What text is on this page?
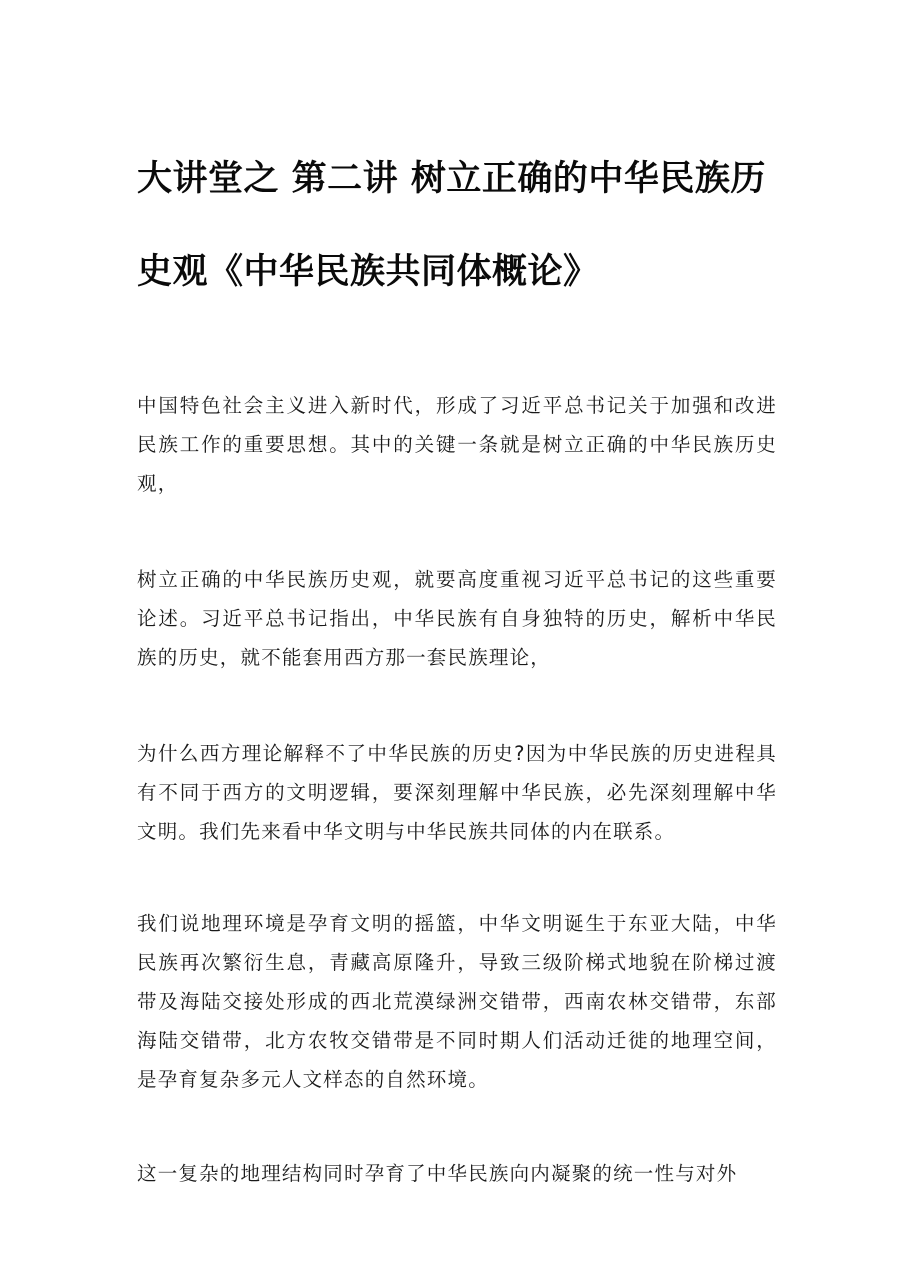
大讲堂之 第二讲 树立正确的中华民族历史观《中华民族共同体概论》

中国特色社会主义进入新时代，形成了习近平总书记关于加强和改进民族工作的重要思想。其中的关键一条就是树立正确的中华民族历史观，

树立正确的中华民族历史观，就要高度重视习近平总书记的这些重要论述。习近平总书记指出，中华民族有自身独特的历史，解析中华民族的历史，就不能套用西方那一套民族理论，

为什么西方理论解释不了中华民族的历史?因为中华民族的历史进程具有不同于西方的文明逻辑，要深刻理解中华民族，必先深刻理解中华文明。我们先来看中华文明与中华民族共同体的内在联系。

我们说地理环境是孕育文明的摇篮，中华文明诞生于东亚大陆，中华民族再次繁衍生息，青藏高原隆升，导致三级阶梯式地貌在阶梯过渡带及海陆交接处形成的西北荒漠绿洲交错带，西南农林交错带，东部海陆交错带，北方农牧交错带是不同时期人们活动迁徙的地理空间，是孕育复杂多元人文样态的自然环境。

这一复杂的地理结构同时孕育了中华民族向内凝聚的统一性与对外
